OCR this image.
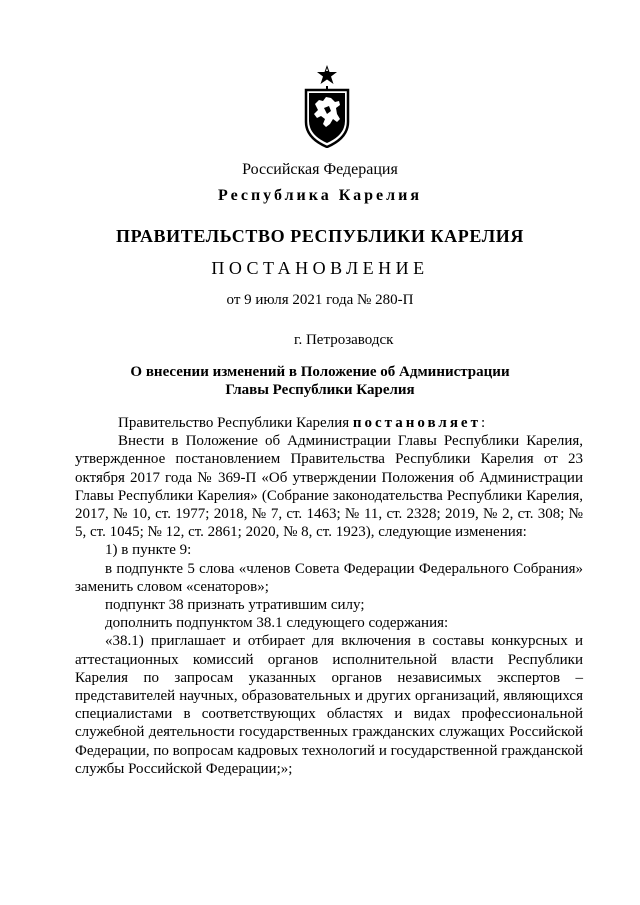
Российская Федерация
Республика Карелия
ПРАВИТЕЛЬСТВО РЕСПУБЛИКИ КАРЕЛИЯ
ПОСТАНОВЛЕНИЕ
от 9 июля 2021 года № 280-П
г. Петрозаводск
О внесении изменений в Положение об Администрации
Главы Республики Карелия

Правительство Республики Карелия постановляет:

Внести в Положение об Администрации Главы Республики Карелия, утвержденное постановлением Правительства Республики Карелия от 23 октября 2017 года № 369-П «Об утверждении Положения об Администрации Главы Республики Карелия» (Собрание законодательства Республики Карелия, 2017, № 10, ст. 1977; 2018, № 7, ст. 1463; № 11, ст. 2328; 2019, № 2, ст. 308; № 5, ст. 1045; № 12, ст. 2861; 2020, № 8, ст. 1923), следующие изменения:

1) в пункте 9:

в подпункте 5 слова «членов Совета Федерации Федерального Собрания» заменить словом «сенаторов»;

подпункт 38 признать утратившим силу;

дополнить подпунктом 38.1 следующего содержания:

«38.1) приглашает и отбирает для включения в составы конкурсных и аттестационных комиссий органов исполнительной власти Республики Карелия по запросам указанных органов независимых экспертов – представителей научных, образовательных и других организаций, являющихся специалистами в соответствующих областях и видах профессиональной служебной деятельности государственных гражданских служащих Российской Федерации, по вопросам кадровых технологий и государственной гражданской службы Российской Федерации;»;
